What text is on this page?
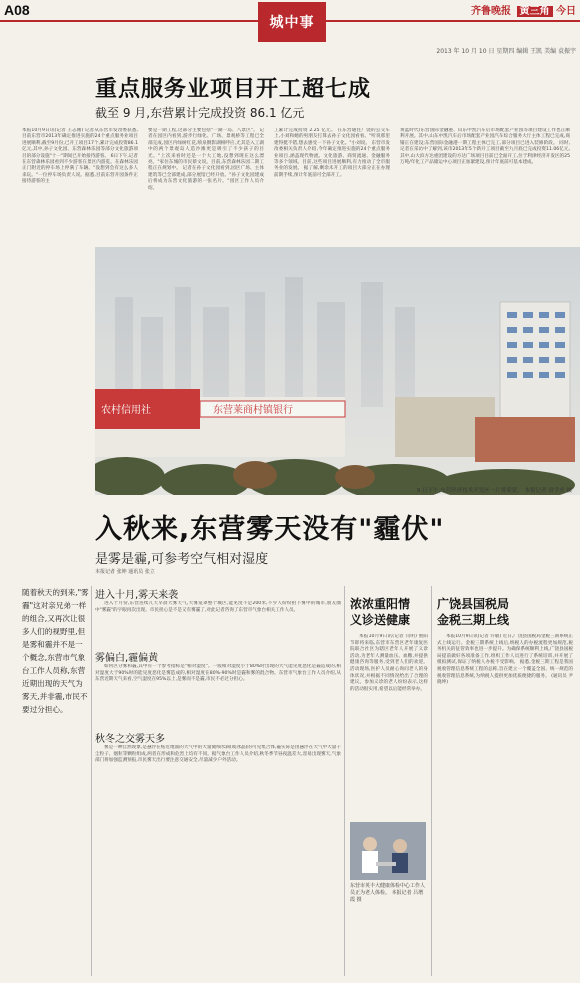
A08
城中事
齐鲁晚报 黄三角 今日
2013 年 10 月 10 日 星期四 编辑 王凯 美编 袁振宇
重点服务业项目开工超七成
截至 9 月,东营累计完成投资 86.1 亿元

本报10月9日讯(记者 王志刚) 记者从东营市发改委获悉,目前东营市2013年确定推进实施的24个重点服务业项目进展顺利,截至9月份,已开工项目17个,累计完成投资86.1亿元,其中,孙子文化园、东营森林乐园等部分文化旅游项目的部分设施"十一"期间已开始接待游客。 6日下午,记者在东营森林乐园看到不少游客在景区内游览。在森林乐园正门附近的停车场上停满了车辆。"没想到会有这么多人来玩。"一位停车场负责人说。据悉,目前东营开园条件正接待游客的主

要是一期工程,这部分主要包括"一湖一岛、八景区"。 记者在园区内看到,游步行绿化、广场、景观桥等工程已全部完成,园区内绿树红花,喷泉倒影湖相呼应,尤其是入工湖中的两个景观岛人造沙滩更是吸引了不少孩子的目光。"上次来看时还是一个大工地,没想到现在这么漂亮。"家住东城的市民蔡文说。目前,东营森林乐园二期工程正在规划中。 记者在孙子文化园看到,园区广场、主体建筑等已全部建成,部分展馆已经开放。"孙子文化园建成后将成为东营文化旅游的一张名片。"园区工作人员介绍。

工累计完成投资 2.25 亿元。 在东营通往广饶的公交车上,小刘和她的男朋友打算去孙子文化园看看。"听说那里建得挺不错,想去感受一下孙子文化。"小刘说。 东营市发改委相关负责人介绍,今年确定推进实施的24个重点服务业项目,涵盖现代物流、文化旅游、商贸流通、金融服务等多个领域。目前,这些项目进展顺利,有力推动了全市服务业的发展。 据了解,剩余未开工的项目大部分正在办理前期手续,预计年底前可全部开工。

黄蓝时代/东营国际金融港、山东中凯汽车后市场配套产业园等项目建设工作也正顺利开展。其中,山东中凯汽车后市场配套产业园汽车综合服务大厅主体工程已完成,商铺正在建设;东营国际金融港一期工程主体已完工,部分项目已进入装修阶段。 同时,记者在采访中了解到,该市2013年5个新开工项目截至九月底已完成投资11.06亿元,其中,山大滨方达重团建设的方达广场项目目前已全面开工,位于利津经济开发区的25万吨/年化工产品储运中心项目正加紧建设,预计年底前可基本建成。

农村信用社	东营莱商村镇银行
9 日下午,东营经济技术开发区一片雾蒙蒙。 本报记者 段学虎 摄
入秋来,东营雾天没有"霾伏"
是雾是霾,可参考空气相对湿度
本报记者 张坤 通讯员 张立
随着秋天的到来,"雾霾"这对亲兄弟一样的组合,又再次让很多人们的视野里,但是雾和霾并不是一个概念,东营市气象台工作人员称,东营近期出现的天气为雾天,并非霾,市民不要过分担心。
进入十月,雾天来袭

进入十月份,东营连续几天早晨大雾天气,大雾笼罩整个城区,能见度不足200米,不少人纷纷拍下雾中的城市,朋友圈中"雾霾"的字眼再次出现。市民担心是不是又有雾霾了,对此记者咨询了东营市气象台相关工作人员。

雾偏白,霾偏黄

如何区分雾和霾,其中有一个参考指标是"相对湿度"。一般相对湿度小于80%时出现的大气能见度恶化是霾造成的,相对湿度大于90%时的能见度恶化是雾造成的,相对湿度在80%-90%时是霾和雾的混合物。东营市气象台工作人员介绍,从东营近期天气来看,空气湿度在95%以上,是雾而不是霾,市民不必过分担心。

秋冬之交雾天多

雾是一种自然现象,是悬浮在贴近地面的大气中的大量微细水滴(或冰晶)的可见集合体,霾实际是由悬浮在大气中大量干尘粒子、烟粒等颗粒组成,两者在形成和危害上均有不同。据气象台工作人员介绍,秋冬季节昼夜温差大,容易出现雾天,气象部门将加强监测预报,市民雾天出行要注意交通安全,尽量减少户外活动。

浓浓重阳情
义诊送健康

本报10月9日讯(记者 闫明) 重阳节即将来临,东营市东营区老年康复医院联合社区为辖区老年人开展了义诊活动,为老年人测量血压、血糖,并提供健康咨询等服务,受到老人们的欢迎。活动现场,医护人员耐心询问老人的身体状况,并根据不同情况给出了合理的建议。参加义诊的老人纷纷表示,这样的活动很实用,希望以后能经常举办。

东营市英丰大健康体检中心工作人员正为老人体检。 本报记者 吕增霞 摄
广饶县国税局
金税三期上线

本报10月9日讯(记者 许敏) 近日,广饶县国税局金税三期系统正式上线运行。金税三期系统上线后,纳税人的办税流程更加规范,税务机关的征管效率也进一步提升。为确保系统顺利上线,广饶县国税局提前做好各项准备工作,组织工作人员进行了系统培训,并开展了模拟测试,保证了纳税人办税不受影响。 据悉,金税三期工程是我国税收管理信息系统工程的总称,旨在建立一个覆盖全国、统一规范的税收管理信息系统,为纳税人提供更加优质便捷的服务。 (通讯员 尹晓坤)
